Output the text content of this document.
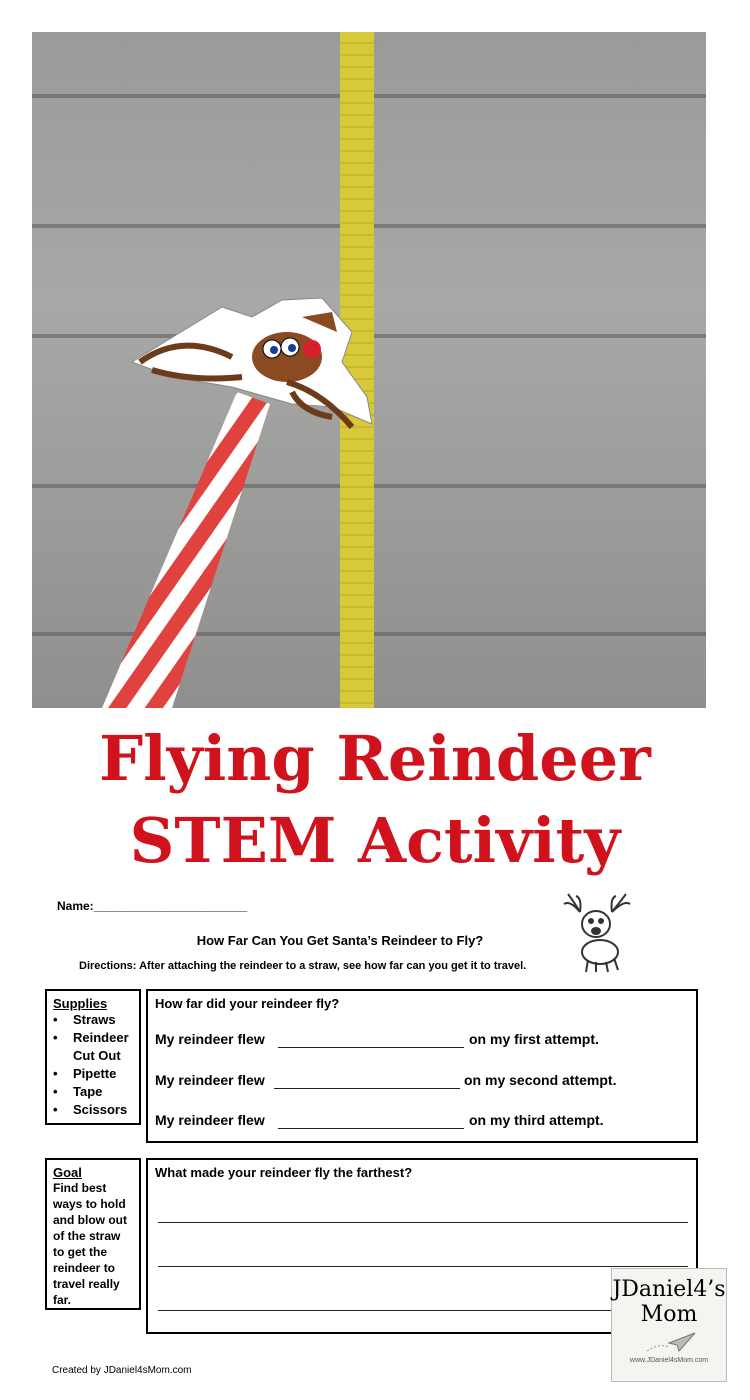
Flying Reindeer
STEM Activity
Name:_______________________
How Far Can You Get Santa’s Reindeer to Fly?
Directions: After attaching the reindeer to a straw, see how far can you get it to travel.
Supplies
• Straws
• Reindeer Cut Out
• Pipette
• Tape
• Scissors
How far did your reindeer fly?
My reindeer flew	on my first attempt.
My reindeer flew	on my second attempt.
My reindeer flew	on my third attempt.
Goal
Find best ways to hold and blow out of the straw to get the reindeer to travel really far.
What made your reindeer fly the farthest?
Created by JDaniel4sMom.com
JDaniel4’s
Mom
www.JDaniel4sMom.com
